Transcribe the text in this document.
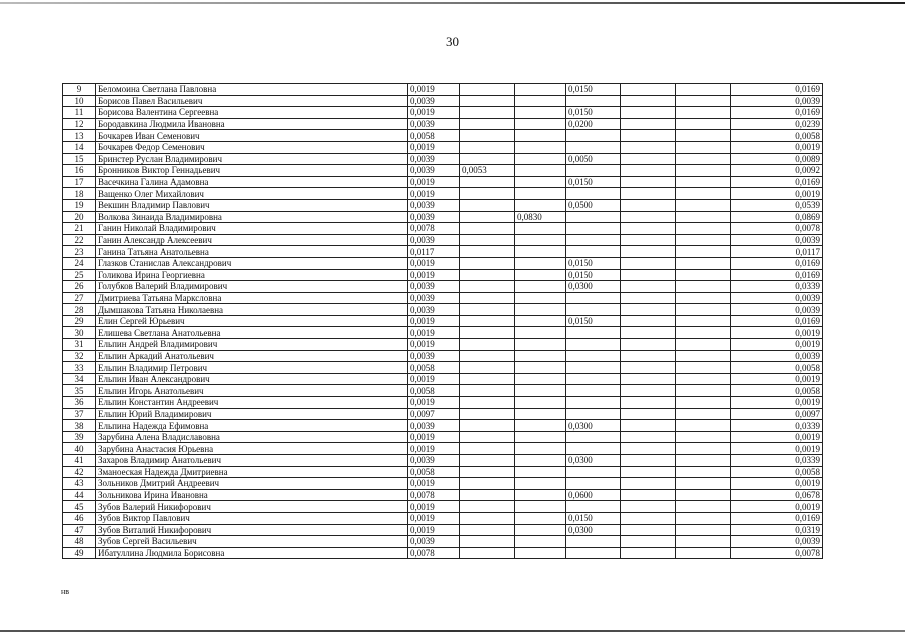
30
9	Беломоина Светлана Павловна	0,0019			0,0150			0,0169
10	Борисов Павел Васильевич	0,0039						0,0039
11	Борисова Валентина Сергеевна	0,0019			0,0150			0,0169
12	Бородавкина Людмила Ивановна	0,0039			0,0200			0,0239
13	Бочкарев Иван Семенович	0,0058						0,0058
14	Бочкарев Федор Семенович	0,0019						0,0019
15	Бринстер Руслан Владимирович	0,0039			0,0050			0,0089
16	Бронников Виктор Геннадьевич	0,0039	0,0053					0,0092
17	Васечкина Галина Адамовна	0,0019			0,0150			0,0169
18	Ващенко Олег Михайлович	0,0019						0,0019
19	Векшин Владимир Павлович	0,0039			0,0500			0,0539
20	Волкова Зинаида Владимировна	0,0039		0,0830				0,0869
21	Ганин Николай Владимирович	0,0078						0,0078
22	Ганин Александр Алексеевич	0,0039						0,0039
23	Ганина Татьяна Анатольевна	0,0117						0,0117
24	Глазков Станислав Александрович	0,0019			0,0150			0,0169
25	Голикова Ирина Георгиевна	0,0019			0,0150			0,0169
26	Голубков Валерий Владимирович	0,0039			0,0300			0,0339
27	Дмитриева Татьяна Марксловна	0,0039						0,0039
28	Дымшакова Татьяна Николаевна	0,0039						0,0039
29	Елин Сергей Юрьевич	0,0019			0,0150			0,0169
30	Елишева Светлана Анатольевна	0,0019						0,0019
31	Ельпин Андрей Владимирович	0,0019						0,0019
32	Ельпин Аркадий Анатольевич	0,0039						0,0039
33	Ельпин Владимир Петрович	0,0058						0,0058
34	Ельпин Иван Александрович	0,0019						0,0019
35	Ельпин Игорь Анатольевич	0,0058						0,0058
36	Ельпин Константин Андреевич	0,0019						0,0019
37	Ельпин Юрий Владимирович	0,0097						0,0097
38	Ельпина Надежда Ефимовна	0,0039			0,0300			0,0339
39	Зарубина Алена Владиславовна	0,0019						0,0019
40	Зарубина Анастасия Юрьевна	0,0019						0,0019
41	Захаров Владимир Анатольевич	0,0039			0,0300			0,0339
42	Зманоеская Надежда Дмитриевна	0,0058						0,0058
43	Зольников Дмитрий Андреевич	0,0019						0,0019
44	Зольникова Ирина Ивановна	0,0078			0,0600			0,0678
45	Зубов Валерий Никифорович	0,0019						0,0019
46	Зубов Виктор Павлович	0,0019			0,0150			0,0169
47	Зубов Виталий Никифорович	0,0019			0,0300			0,0319
48	Зубов Сергей Васильевич	0,0039						0,0039
49	Ибатуллина Людмила Борисовна	0,0078						0,0078
нв
